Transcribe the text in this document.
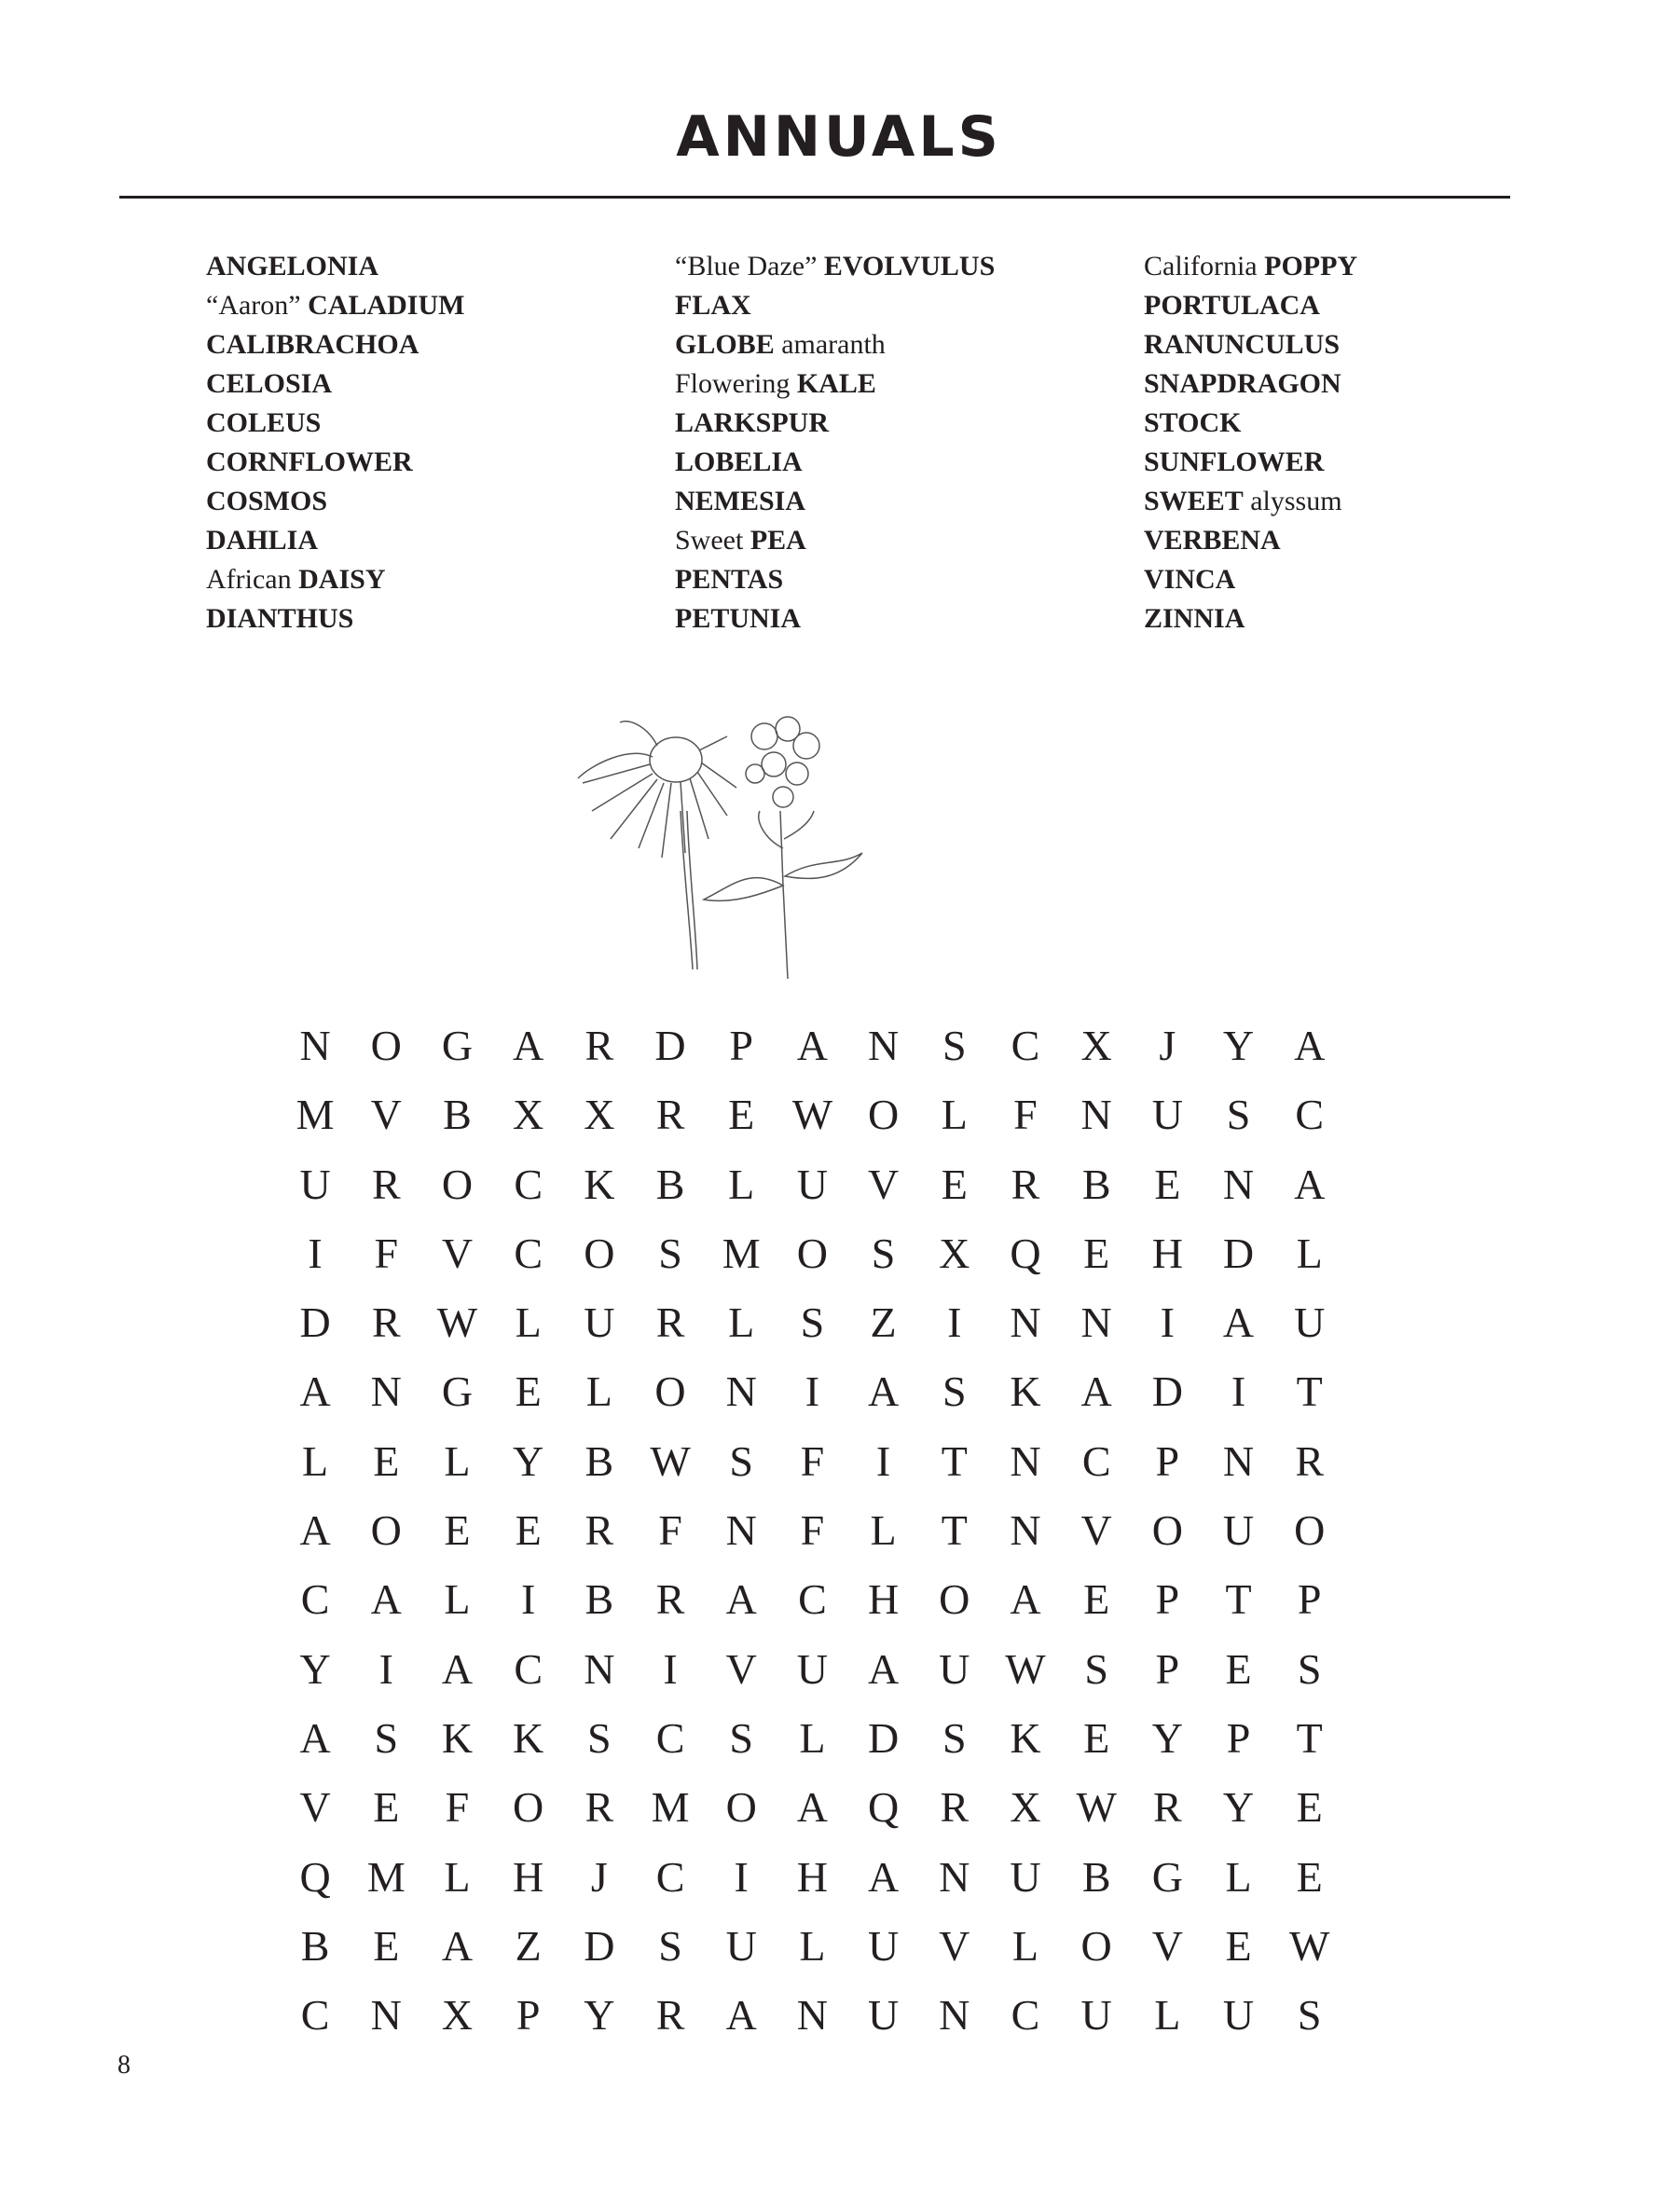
ANNUALS
ANGELONIA
“Aaron” CALADIUM
CALIBRACHOA
CELOSIA
COLEUS
CORNFLOWER
COSMOS
DAHLIA
African DAISY
DIANTHUS
“Blue Daze” EVOLVULUS
FLAX
GLOBE amaranth
Flowering KALE
LARKSPUR
LOBELIA
NEMESIA
Sweet PEA
PENTAS
PETUNIA
California POPPY
PORTULACA
RANUNCULUS
SNAPDRAGON
STOCK
SUNFLOWER
SWEET alyssum
VERBENA
VINCA
ZINNIA
N O G A R D	P	A N	S	C X	J	Y A
M V B X X R	E W O L	F	N U	S	C
U R O C K B	L U V E	R B	E N A
I	F	V C O	S M O	S	X Q E H D L
D R W L U R	L	S	Z	I	N N	I	A U
A N G E	L O N	I	A	S	K A D	I	T
L	E	L Y B W S	F	I	T N C	P	N R
A O E	E	R	F	N	F	L	T N V O U O
C A L	I	B R A C H O A E	P	T	P
Y	I	A C N	I	V U A U W S	P	E	S
A	S	K K	S	C	S	L D	S	K E Y	P	T
V E	F	O R M O A Q R X W R Y E
Q M L H	J	C	I	H A N U B G L	E
B	E A Z D	S	U L U V L O V E W
C N X	P	Y R A N U N C U L U	S
8
